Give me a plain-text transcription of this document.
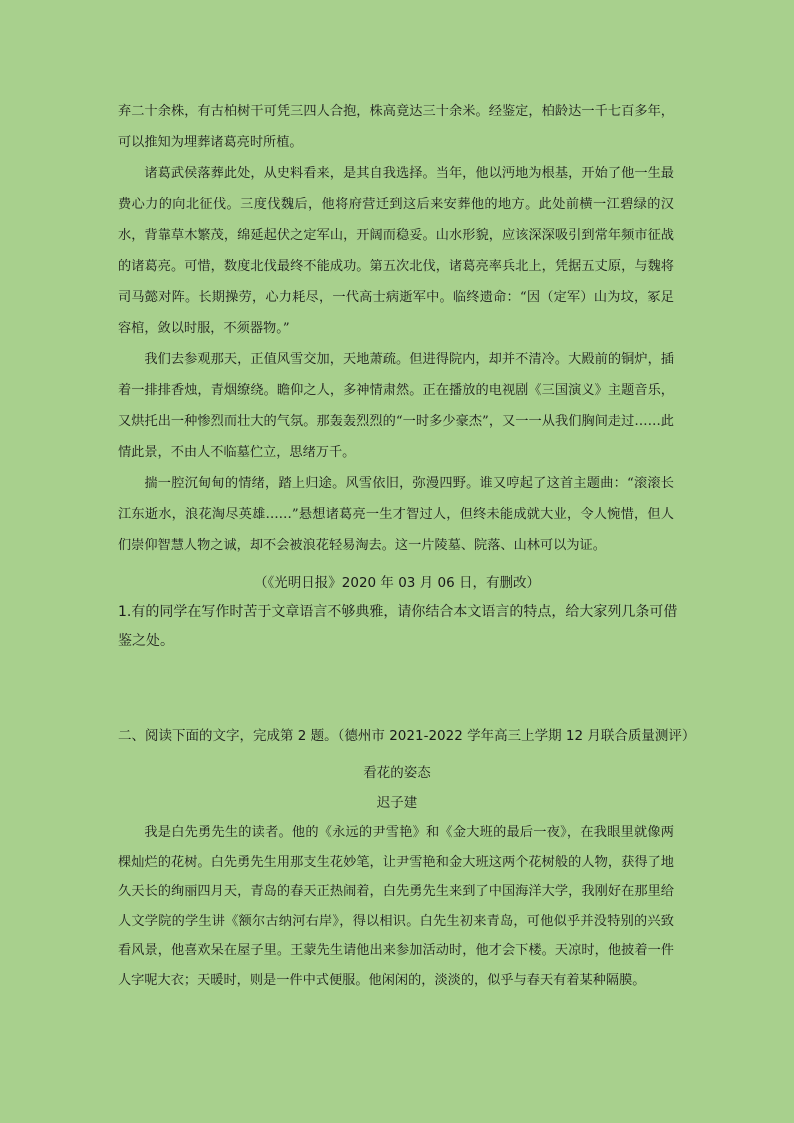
弃二十余株，有古柏树干可凭三四人合抱，株高竟达三十余米。经鉴定，柏龄达一千七百多年，可以推知为埋葬诸葛亮时所植。

诸葛武侯落葬此处，从史料看来，是其自我选择。当年，他以沔地为根基，开始了他一生最费心力的向北征伐。三度伐魏后，他将府营迁到这后来安葬他的地方。此处前横一江碧绿的汉水，背靠草木繁茂，绵延起伏之定军山，开阔而稳妥。山水形貌，应该深深吸引到常年频市征战的诸葛亮。可惜，数度北伐最终不能成功。第五次北伐，诸葛亮率兵北上，凭据五丈原，与魏将司马懿对阵。长期操劳，心力耗尽，一代高士病逝军中。临终遗命：“因（定军）山为坟，冢足容棺，敛以时服，不须器物。”

我们去参观那天，正值风雪交加，天地萧疏。但进得院内，却并不清冷。大殿前的铜炉，插着一排排香烛，青烟缭绕。瞻仰之人，多神情肃然。正在播放的电视剧《三国演义》主题音乐，又烘托出一种惨烈而壮大的气氛。那轰轰烈烈的“一时多少豪杰”，又一一从我们胸间走过……此情此景，不由人不临墓伫立，思绪万千。

揣一腔沉甸甸的情绪，踏上归途。风雪依旧，弥漫四野。谁又哼起了这首主题曲：“滚滚长江东逝水，浪花淘尽英雄……”悬想诸葛亮一生才智过人，但终未能成就大业，令人惋惜，但人们崇仰智慧人物之诚，却不会被浪花轻易淘去。这一片陵墓、院落、山林可以为证。

（《光明日报》2020 年 03 月 06 日，有删改）

1.有的同学在写作时苦于文章语言不够典雅，请你结合本文语言的特点，给大家列几条可借鉴之处。

二、阅读下面的文字，完成第 2 题。（德州市 2021-2022 学年高三上学期 12 月联合质量测评）

看花的姿态

迟子建

我是白先勇先生的读者。他的《永远的尹雪艳》和《金大班的最后一夜》，在我眼里就像两棵灿烂的花树。白先勇先生用那支生花妙笔，让尹雪艳和金大班这两个花树般的人物，获得了地久天长的绚丽四月天，青岛的春天正热闹着，白先勇先生来到了中国海洋大学，我刚好在那里给人文学院的学生讲《额尔古纳河右岸》，得以相识。白先生初来青岛，可他似乎并没特别的兴致看风景，他喜欢呆在屋子里。王蒙先生请他出来参加活动时，他才会下楼。天凉时，他披着一件人字呢大衣；天暖时，则是一件中式便服。他闲闲的，淡淡的，似乎与春天有着某种隔膜。
